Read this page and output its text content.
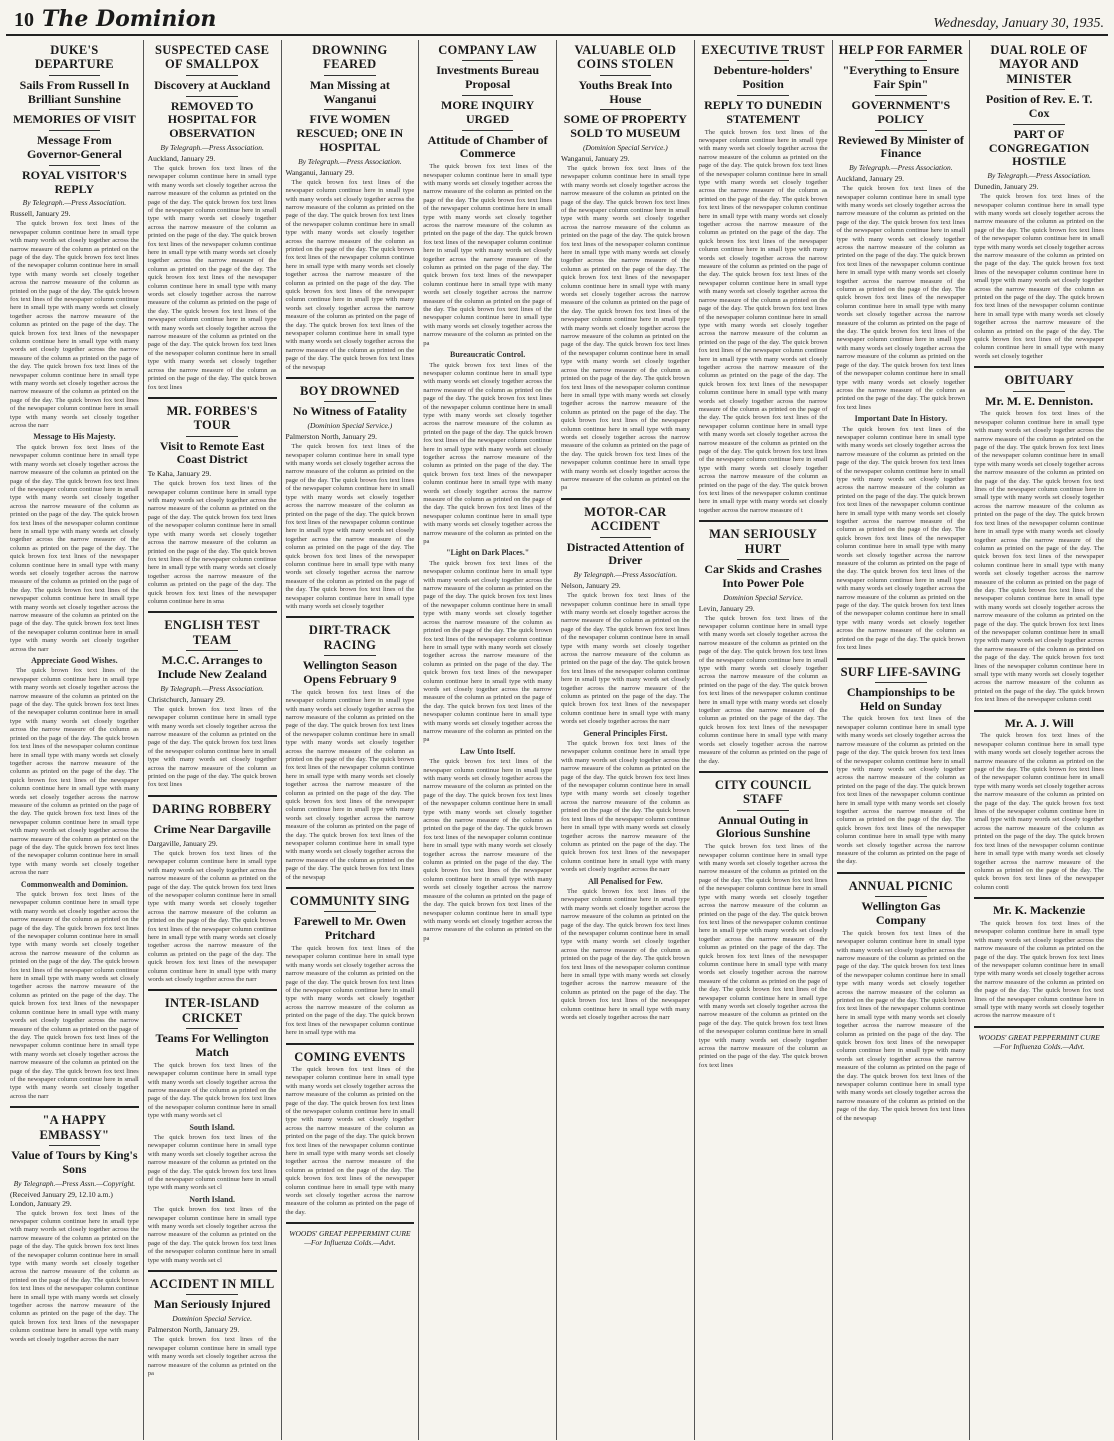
10 The Dominion	Wednesday, January 30, 1935.
DUKE'S DEPARTURE
Sails From Russell In Brilliant Sunshine
MEMORIES OF VISIT
Message From Governor-General
ROYAL VISITOR'S REPLY
By Telegraph.—Press Association.
Russell, January 29.

The quick brown fox text lines of the newspaper column continue here in small type with many words set closely together across the narrow measure of the column as printed on the page of the day. The quick brown fox text lines of the newspaper column continue here in small type with many words set closely together across the narrow measure of the column as printed on the page of the day. The quick brown fox text lines of the newspaper column continue here in small type with many words set closely together across the narrow measure of the column as printed on the page of the day. The quick brown fox text lines of the newspaper column continue here in small type with many words set closely together across the narrow measure of the column as printed on the page of the day. The quick brown fox text lines of the newspaper column continue here in small type with many words set closely together across the narrow measure of the column as printed on the page of the day. The quick brown fox text lines of the newspaper column continue here in small type with many words set closely together across the narr

Message to His Majesty.

The quick brown fox text lines of the newspaper column continue here in small type with many words set closely together across the narrow measure of the column as printed on the page of the day. The quick brown fox text lines of the newspaper column continue here in small type with many words set closely together across the narrow measure of the column as printed on the page of the day. The quick brown fox text lines of the newspaper column continue here in small type with many words set closely together across the narrow measure of the column as printed on the page of the day. The quick brown fox text lines of the newspaper column continue here in small type with many words set closely together across the narrow measure of the column as printed on the page of the day. The quick brown fox text lines of the newspaper column continue here in small type with many words set closely together across the narrow measure of the column as printed on the page of the day. The quick brown fox text lines of the newspaper column continue here in small type with many words set closely together across the narr

Appreciate Good Wishes.

The quick brown fox text lines of the newspaper column continue here in small type with many words set closely together across the narrow measure of the column as printed on the page of the day. The quick brown fox text lines of the newspaper column continue here in small type with many words set closely together across the narrow measure of the column as printed on the page of the day. The quick brown fox text lines of the newspaper column continue here in small type with many words set closely together across the narrow measure of the column as printed on the page of the day. The quick brown fox text lines of the newspaper column continue here in small type with many words set closely together across the narrow measure of the column as printed on the page of the day. The quick brown fox text lines of the newspaper column continue here in small type with many words set closely together across the narrow measure of the column as printed on the page of the day. The quick brown fox text lines of the newspaper column continue here in small type with many words set closely together across the narr

Commonwealth and Dominion.

The quick brown fox text lines of the newspaper column continue here in small type with many words set closely together across the narrow measure of the column as printed on the page of the day. The quick brown fox text lines of the newspaper column continue here in small type with many words set closely together across the narrow measure of the column as printed on the page of the day. The quick brown fox text lines of the newspaper column continue here in small type with many words set closely together across the narrow measure of the column as printed on the page of the day. The quick brown fox text lines of the newspaper column continue here in small type with many words set closely together across the narrow measure of the column as printed on the page of the day. The quick brown fox text lines of the newspaper column continue here in small type with many words set closely together across the narrow measure of the column as printed on the page of the day. The quick brown fox text lines of the newspaper column continue here in small type with many words set closely together across the narr

"A HAPPY EMBASSY"
Value of Tours by King's Sons
By Telegraph.—Press Assn.—Copyright.
(Received January 29, 12.10 a.m.) London, January 29.

The quick brown fox text lines of the newspaper column continue here in small type with many words set closely together across the narrow measure of the column as printed on the page of the day. The quick brown fox text lines of the newspaper column continue here in small type with many words set closely together across the narrow measure of the column as printed on the page of the day. The quick brown fox text lines of the newspaper column continue here in small type with many words set closely together across the narrow measure of the column as printed on the page of the day. The quick brown fox text lines of the newspaper column continue here in small type with many words set closely together across the narr

SUSPECTED CASE OF SMALLPOX
Discovery at Auckland
REMOVED TO HOSPITAL FOR OBSERVATION
By Telegraph.—Press Association.
Auckland, January 29.

The quick brown fox text lines of the newspaper column continue here in small type with many words set closely together across the narrow measure of the column as printed on the page of the day. The quick brown fox text lines of the newspaper column continue here in small type with many words set closely together across the narrow measure of the column as printed on the page of the day. The quick brown fox text lines of the newspaper column continue here in small type with many words set closely together across the narrow measure of the column as printed on the page of the day. The quick brown fox text lines of the newspaper column continue here in small type with many words set closely together across the narrow measure of the column as printed on the page of the day. The quick brown fox text lines of the newspaper column continue here in small type with many words set closely together across the narrow measure of the column as printed on the page of the day. The quick brown fox text lines of the newspaper column continue here in small type with many words set closely together across the narrow measure of the column as printed on the page of the day. The quick brown fox text lines

MR. FORBES'S TOUR
Visit to Remote East Coast District
Te Kaha, January 29.

The quick brown fox text lines of the newspaper column continue here in small type with many words set closely together across the narrow measure of the column as printed on the page of the day. The quick brown fox text lines of the newspaper column continue here in small type with many words set closely together across the narrow measure of the column as printed on the page of the day. The quick brown fox text lines of the newspaper column continue here in small type with many words set closely together across the narrow measure of the column as printed on the page of the day. The quick brown fox text lines of the newspaper column continue here in sma

ENGLISH TEST TEAM
M.C.C. Arranges to Include New Zealand
By Telegraph.—Press Association.
Christchurch, January 29.

The quick brown fox text lines of the newspaper column continue here in small type with many words set closely together across the narrow measure of the column as printed on the page of the day. The quick brown fox text lines of the newspaper column continue here in small type with many words set closely together across the narrow measure of the column as printed on the page of the day. The quick brown fox text lines

DARING ROBBERY
Crime Near Dargaville
Dargaville, January 29.

The quick brown fox text lines of the newspaper column continue here in small type with many words set closely together across the narrow measure of the column as printed on the page of the day. The quick brown fox text lines of the newspaper column continue here in small type with many words set closely together across the narrow measure of the column as printed on the page of the day. The quick brown fox text lines of the newspaper column continue here in small type with many words set closely together across the narrow measure of the column as printed on the page of the day. The quick brown fox text lines of the newspaper column continue here in small type with many words set closely together across the narr

INTER-ISLAND CRICKET
Teams For Wellington Match

The quick brown fox text lines of the newspaper column continue here in small type with many words set closely together across the narrow measure of the column as printed on the page of the day. The quick brown fox text lines of the newspaper column continue here in small type with many words set cl

South Island.

The quick brown fox text lines of the newspaper column continue here in small type with many words set closely together across the narrow measure of the column as printed on the page of the day. The quick brown fox text lines of the newspaper column continue here in small type with many words set cl

North Island.

The quick brown fox text lines of the newspaper column continue here in small type with many words set closely together across the narrow measure of the column as printed on the page of the day. The quick brown fox text lines of the newspaper column continue here in small type with many words set cl

ACCIDENT IN MILL
Man Seriously Injured
Dominion Special Service.
Palmerston North, January 29.

The quick brown fox text lines of the newspaper column continue here in small type with many words set closely together across the narrow measure of the column as printed on the pa

DROWNING FEARED
Man Missing at Wanganui
FIVE WOMEN RESCUED; ONE IN HOSPITAL
By Telegraph.—Press Association.
Wanganui, January 29.

The quick brown fox text lines of the newspaper column continue here in small type with many words set closely together across the narrow measure of the column as printed on the page of the day. The quick brown fox text lines of the newspaper column continue here in small type with many words set closely together across the narrow measure of the column as printed on the page of the day. The quick brown fox text lines of the newspaper column continue here in small type with many words set closely together across the narrow measure of the column as printed on the page of the day. The quick brown fox text lines of the newspaper column continue here in small type with many words set closely together across the narrow measure of the column as printed on the page of the day. The quick brown fox text lines of the newspaper column continue here in small type with many words set closely together across the narrow measure of the column as printed on the page of the day. The quick brown fox text lines of the newspap

BOY DROWNED
No Witness of Fatality
(Dominion Special Service.)
Palmerston North, January 29.

The quick brown fox text lines of the newspaper column continue here in small type with many words set closely together across the narrow measure of the column as printed on the page of the day. The quick brown fox text lines of the newspaper column continue here in small type with many words set closely together across the narrow measure of the column as printed on the page of the day. The quick brown fox text lines of the newspaper column continue here in small type with many words set closely together across the narrow measure of the column as printed on the page of the day. The quick brown fox text lines of the newspaper column continue here in small type with many words set closely together across the narrow measure of the column as printed on the page of the day. The quick brown fox text lines of the newspaper column continue here in small type with many words set closely together

DIRT-TRACK RACING
Wellington Season Opens February 9

The quick brown fox text lines of the newspaper column continue here in small type with many words set closely together across the narrow measure of the column as printed on the page of the day. The quick brown fox text lines of the newspaper column continue here in small type with many words set closely together across the narrow measure of the column as printed on the page of the day. The quick brown fox text lines of the newspaper column continue here in small type with many words set closely together across the narrow measure of the column as printed on the page of the day. The quick brown fox text lines of the newspaper column continue here in small type with many words set closely together across the narrow measure of the column as printed on the page of the day. The quick brown fox text lines of the newspaper column continue here in small type with many words set closely together across the narrow measure of the column as printed on the page of the day. The quick brown fox text lines of the newspap

COMMUNITY SING
Farewell to Mr. Owen Pritchard

The quick brown fox text lines of the newspaper column continue here in small type with many words set closely together across the narrow measure of the column as printed on the page of the day. The quick brown fox text lines of the newspaper column continue here in small type with many words set closely together across the narrow measure of the column as printed on the page of the day. The quick brown fox text lines of the newspaper column continue here in small type with ma

COMING EVENTS

The quick brown fox text lines of the newspaper column continue here in small type with many words set closely together across the narrow measure of the column as printed on the page of the day. The quick brown fox text lines of the newspaper column continue here in small type with many words set closely together across the narrow measure of the column as printed on the page of the day. The quick brown fox text lines of the newspaper column continue here in small type with many words set closely together across the narrow measure of the column as printed on the page of the day. The quick brown fox text lines of the newspaper column continue here in small type with many words set closely together across the narrow measure of the column as printed on the page of the day.

WOODS' GREAT PEPPERMINT CURE —For Influenza Colds.—Advt.
COMPANY LAW
Investments Bureau Proposal
MORE INQUIRY URGED
Attitude of Chamber of Commerce

The quick brown fox text lines of the newspaper column continue here in small type with many words set closely together across the narrow measure of the column as printed on the page of the day. The quick brown fox text lines of the newspaper column continue here in small type with many words set closely together across the narrow measure of the column as printed on the page of the day. The quick brown fox text lines of the newspaper column continue here in small type with many words set closely together across the narrow measure of the column as printed on the page of the day. The quick brown fox text lines of the newspaper column continue here in small type with many words set closely together across the narrow measure of the column as printed on the page of the day. The quick brown fox text lines of the newspaper column continue here in small type with many words set closely together across the narrow measure of the column as printed on the pa

Bureaucratic Control.

The quick brown fox text lines of the newspaper column continue here in small type with many words set closely together across the narrow measure of the column as printed on the page of the day. The quick brown fox text lines of the newspaper column continue here in small type with many words set closely together across the narrow measure of the column as printed on the page of the day. The quick brown fox text lines of the newspaper column continue here in small type with many words set closely together across the narrow measure of the column as printed on the page of the day. The quick brown fox text lines of the newspaper column continue here in small type with many words set closely together across the narrow measure of the column as printed on the page of the day. The quick brown fox text lines of the newspaper column continue here in small type with many words set closely together across the narrow measure of the column as printed on the pa

"Light on Dark Places."

The quick brown fox text lines of the newspaper column continue here in small type with many words set closely together across the narrow measure of the column as printed on the page of the day. The quick brown fox text lines of the newspaper column continue here in small type with many words set closely together across the narrow measure of the column as printed on the page of the day. The quick brown fox text lines of the newspaper column continue here in small type with many words set closely together across the narrow measure of the column as printed on the page of the day. The quick brown fox text lines of the newspaper column continue here in small type with many words set closely together across the narrow measure of the column as printed on the page of the day. The quick brown fox text lines of the newspaper column continue here in small type with many words set closely together across the narrow measure of the column as printed on the pa

Law Unto Itself.

The quick brown fox text lines of the newspaper column continue here in small type with many words set closely together across the narrow measure of the column as printed on the page of the day. The quick brown fox text lines of the newspaper column continue here in small type with many words set closely together across the narrow measure of the column as printed on the page of the day. The quick brown fox text lines of the newspaper column continue here in small type with many words set closely together across the narrow measure of the column as printed on the page of the day. The quick brown fox text lines of the newspaper column continue here in small type with many words set closely together across the narrow measure of the column as printed on the page of the day. The quick brown fox text lines of the newspaper column continue here in small type with many words set closely together across the narrow measure of the column as printed on the pa

VALUABLE OLD COINS STOLEN
Youths Break Into House
SOME OF PROPERTY SOLD TO MUSEUM
(Dominion Special Service.)
Wanganui, January 29.

The quick brown fox text lines of the newspaper column continue here in small type with many words set closely together across the narrow measure of the column as printed on the page of the day. The quick brown fox text lines of the newspaper column continue here in small type with many words set closely together across the narrow measure of the column as printed on the page of the day. The quick brown fox text lines of the newspaper column continue here in small type with many words set closely together across the narrow measure of the column as printed on the page of the day. The quick brown fox text lines of the newspaper column continue here in small type with many words set closely together across the narrow measure of the column as printed on the page of the day. The quick brown fox text lines of the newspaper column continue here in small type with many words set closely together across the narrow measure of the column as printed on the page of the day. The quick brown fox text lines of the newspaper column continue here in small type with many words set closely together across the narrow measure of the column as printed on the page of the day. The quick brown fox text lines of the newspaper column continue here in small type with many words set closely together across the narrow measure of the column as printed on the page of the day. The quick brown fox text lines of the newspaper column continue here in small type with many words set closely together across the narrow measure of the column as printed on the page of the day. The quick brown fox text lines of the newspaper column continue here in small type with many words set closely together across the narrow measure of the column as printed on the pa

MOTOR-CAR ACCIDENT
Distracted Attention of Driver
By Telegraph.—Press Association.
Nelson, January 29.

The quick brown fox text lines of the newspaper column continue here in small type with many words set closely together across the narrow measure of the column as printed on the page of the day. The quick brown fox text lines of the newspaper column continue here in small type with many words set closely together across the narrow measure of the column as printed on the page of the day. The quick brown fox text lines of the newspaper column continue here in small type with many words set closely together across the narrow measure of the column as printed on the page of the day. The quick brown fox text lines of the newspaper column continue here in small type with many words set closely together across the narr

General Principles First.

The quick brown fox text lines of the newspaper column continue here in small type with many words set closely together across the narrow measure of the column as printed on the page of the day. The quick brown fox text lines of the newspaper column continue here in small type with many words set closely together across the narrow measure of the column as printed on the page of the day. The quick brown fox text lines of the newspaper column continue here in small type with many words set closely together across the narrow measure of the column as printed on the page of the day. The quick brown fox text lines of the newspaper column continue here in small type with many words set closely together across the narr

All Penalised for Few.

The quick brown fox text lines of the newspaper column continue here in small type with many words set closely together across the narrow measure of the column as printed on the page of the day. The quick brown fox text lines of the newspaper column continue here in small type with many words set closely together across the narrow measure of the column as printed on the page of the day. The quick brown fox text lines of the newspaper column continue here in small type with many words set closely together across the narrow measure of the column as printed on the page of the day. The quick brown fox text lines of the newspaper column continue here in small type with many words set closely together across the narr

EXECUTIVE TRUST
Debenture-holders' Position
REPLY TO DUNEDIN STATEMENT

The quick brown fox text lines of the newspaper column continue here in small type with many words set closely together across the narrow measure of the column as printed on the page of the day. The quick brown fox text lines of the newspaper column continue here in small type with many words set closely together across the narrow measure of the column as printed on the page of the day. The quick brown fox text lines of the newspaper column continue here in small type with many words set closely together across the narrow measure of the column as printed on the page of the day. The quick brown fox text lines of the newspaper column continue here in small type with many words set closely together across the narrow measure of the column as printed on the page of the day. The quick brown fox text lines of the newspaper column continue here in small type with many words set closely together across the narrow measure of the column as printed on the page of the day. The quick brown fox text lines of the newspaper column continue here in small type with many words set closely together across the narrow measure of the column as printed on the page of the day. The quick brown fox text lines of the newspaper column continue here in small type with many words set closely together across the narrow measure of the column as printed on the page of the day. The quick brown fox text lines of the newspaper column continue here in small type with many words set closely together across the narrow measure of the column as printed on the page of the day. The quick brown fox text lines of the newspaper column continue here in small type with many words set closely together across the narrow measure of the column as printed on the page of the day. The quick brown fox text lines of the newspaper column continue here in small type with many words set closely together across the narrow measure of the column as printed on the page of the day. The quick brown fox text lines of the newspaper column continue here in small type with many words set closely together across the narrow measure of t

MAN SERIOUSLY HURT
Car Skids and Crashes Into Power Pole
Dominion Special Service.
Levin, January 29.

The quick brown fox text lines of the newspaper column continue here in small type with many words set closely together across the narrow measure of the column as printed on the page of the day. The quick brown fox text lines of the newspaper column continue here in small type with many words set closely together across the narrow measure of the column as printed on the page of the day. The quick brown fox text lines of the newspaper column continue here in small type with many words set closely together across the narrow measure of the column as printed on the page of the day. The quick brown fox text lines of the newspaper column continue here in small type with many words set closely together across the narrow measure of the column as printed on the page of the day.

CITY COUNCIL STAFF
Annual Outing in Glorious Sunshine

The quick brown fox text lines of the newspaper column continue here in small type with many words set closely together across the narrow measure of the column as printed on the page of the day. The quick brown fox text lines of the newspaper column continue here in small type with many words set closely together across the narrow measure of the column as printed on the page of the day. The quick brown fox text lines of the newspaper column continue here in small type with many words set closely together across the narrow measure of the column as printed on the page of the day. The quick brown fox text lines of the newspaper column continue here in small type with many words set closely together across the narrow measure of the column as printed on the page of the day. The quick brown fox text lines of the newspaper column continue here in small type with many words set closely together across the narrow measure of the column as printed on the page of the day. The quick brown fox text lines of the newspaper column continue here in small type with many words set closely together across the narrow measure of the column as printed on the page of the day. The quick brown fox text lines

HELP FOR FARMER
"Everything to Ensure Fair Spin"
GOVERNMENT'S POLICY
Reviewed By Minister of Finance
By Telegraph.—Press Association.
Auckland, January 29.

The quick brown fox text lines of the newspaper column continue here in small type with many words set closely together across the narrow measure of the column as printed on the page of the day. The quick brown fox text lines of the newspaper column continue here in small type with many words set closely together across the narrow measure of the column as printed on the page of the day. The quick brown fox text lines of the newspaper column continue here in small type with many words set closely together across the narrow measure of the column as printed on the page of the day. The quick brown fox text lines of the newspaper column continue here in small type with many words set closely together across the narrow measure of the column as printed on the page of the day. The quick brown fox text lines of the newspaper column continue here in small type with many words set closely together across the narrow measure of the column as printed on the page of the day. The quick brown fox text lines of the newspaper column continue here in small type with many words set closely together across the narrow measure of the column as printed on the page of the day. The quick brown fox text lines

Important Date In History.

The quick brown fox text lines of the newspaper column continue here in small type with many words set closely together across the narrow measure of the column as printed on the page of the day. The quick brown fox text lines of the newspaper column continue here in small type with many words set closely together across the narrow measure of the column as printed on the page of the day. The quick brown fox text lines of the newspaper column continue here in small type with many words set closely together across the narrow measure of the column as printed on the page of the day. The quick brown fox text lines of the newspaper column continue here in small type with many words set closely together across the narrow measure of the column as printed on the page of the day. The quick brown fox text lines of the newspaper column continue here in small type with many words set closely together across the narrow measure of the column as printed on the page of the day. The quick brown fox text lines of the newspaper column continue here in small type with many words set closely together across the narrow measure of the column as printed on the page of the day. The quick brown fox text lines

SURF LIFE-SAVING
Championships to be Held on Sunday

The quick brown fox text lines of the newspaper column continue here in small type with many words set closely together across the narrow measure of the column as printed on the page of the day. The quick brown fox text lines of the newspaper column continue here in small type with many words set closely together across the narrow measure of the column as printed on the page of the day. The quick brown fox text lines of the newspaper column continue here in small type with many words set closely together across the narrow measure of the column as printed on the page of the day. The quick brown fox text lines of the newspaper column continue here in small type with many words set closely together across the narrow measure of the column as printed on the page of the day.

ANNUAL PICNIC
Wellington Gas Company

The quick brown fox text lines of the newspaper column continue here in small type with many words set closely together across the narrow measure of the column as printed on the page of the day. The quick brown fox text lines of the newspaper column continue here in small type with many words set closely together across the narrow measure of the column as printed on the page of the day. The quick brown fox text lines of the newspaper column continue here in small type with many words set closely together across the narrow measure of the column as printed on the page of the day. The quick brown fox text lines of the newspaper column continue here in small type with many words set closely together across the narrow measure of the column as printed on the page of the day. The quick brown fox text lines of the newspaper column continue here in small type with many words set closely together across the narrow measure of the column as printed on the page of the day. The quick brown fox text lines of the newspap

DUAL ROLE OF MAYOR AND MINISTER
Position of Rev. E. T. Cox
PART OF CONGREGATION HOSTILE
By Telegraph.—Press Association.
Dunedin, January 29.

The quick brown fox text lines of the newspaper column continue here in small type with many words set closely together across the narrow measure of the column as printed on the page of the day. The quick brown fox text lines of the newspaper column continue here in small type with many words set closely together across the narrow measure of the column as printed on the page of the day. The quick brown fox text lines of the newspaper column continue here in small type with many words set closely together across the narrow measure of the column as printed on the page of the day. The quick brown fox text lines of the newspaper column continue here in small type with many words set closely together across the narrow measure of the column as printed on the page of the day. The quick brown fox text lines of the newspaper column continue here in small type with many words set closely together

OBITUARY
Mr. M. E. Denniston.

The quick brown fox text lines of the newspaper column continue here in small type with many words set closely together across the narrow measure of the column as printed on the page of the day. The quick brown fox text lines of the newspaper column continue here in small type with many words set closely together across the narrow measure of the column as printed on the page of the day. The quick brown fox text lines of the newspaper column continue here in small type with many words set closely together across the narrow measure of the column as printed on the page of the day. The quick brown fox text lines of the newspaper column continue here in small type with many words set closely together across the narrow measure of the column as printed on the page of the day. The quick brown fox text lines of the newspaper column continue here in small type with many words set closely together across the narrow measure of the column as printed on the page of the day. The quick brown fox text lines of the newspaper column continue here in small type with many words set closely together across the narrow measure of the column as printed on the page of the day. The quick brown fox text lines of the newspaper column continue here in small type with many words set closely together across the narrow measure of the column as printed on the page of the day. The quick brown fox text lines of the newspaper column continue here in small type with many words set closely together across the narrow measure of the column as printed on the page of the day. The quick brown fox text lines of the newspaper column conti

Mr. A. J. Will

The quick brown fox text lines of the newspaper column continue here in small type with many words set closely together across the narrow measure of the column as printed on the page of the day. The quick brown fox text lines of the newspaper column continue here in small type with many words set closely together across the narrow measure of the column as printed on the page of the day. The quick brown fox text lines of the newspaper column continue here in small type with many words set closely together across the narrow measure of the column as printed on the page of the day. The quick brown fox text lines of the newspaper column continue here in small type with many words set closely together across the narrow measure of the column as printed on the page of the day. The quick brown fox text lines of the newspaper column conti

Mr. K. Mackenzie

The quick brown fox text lines of the newspaper column continue here in small type with many words set closely together across the narrow measure of the column as printed on the page of the day. The quick brown fox text lines of the newspaper column continue here in small type with many words set closely together across the narrow measure of the column as printed on the page of the day. The quick brown fox text lines of the newspaper column continue here in small type with many words set closely together across the narrow measure of t

WOODS' GREAT PEPPERMINT CURE —For Influenza Colds.—Advt.
